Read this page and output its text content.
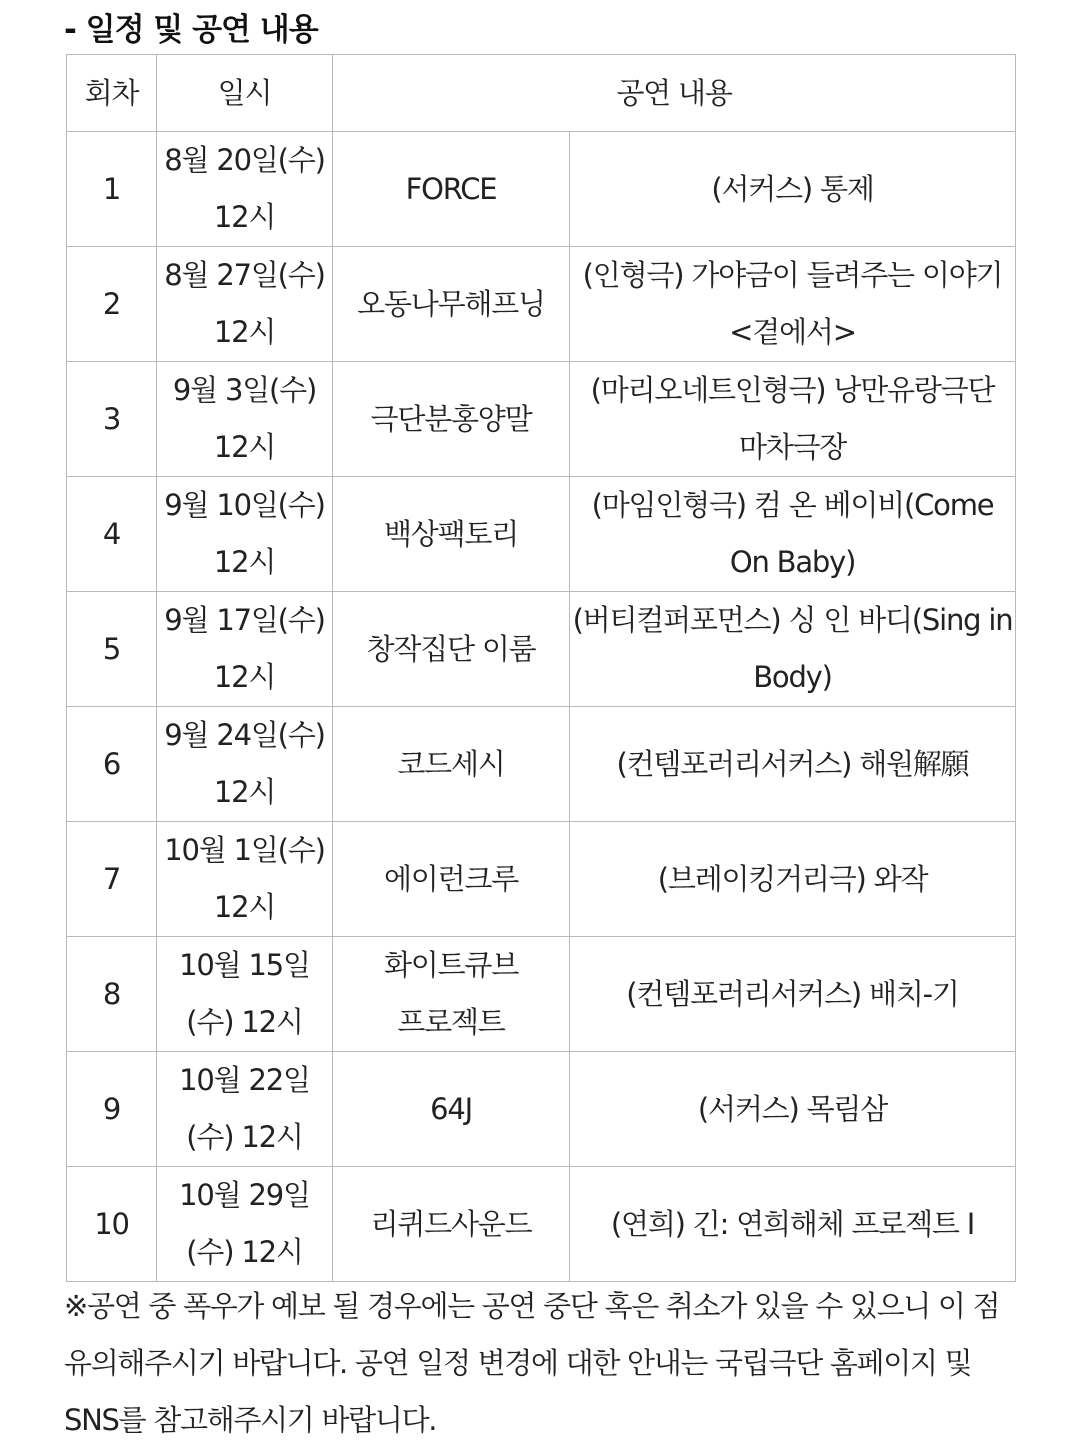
- 일정 및 공연 내용
회차	일시	공연 내용	
1	8월 20일(수) 12시	FORCE	(서커스) 통제
2	8월 27일(수) 12시	오동나무해프닝	(인형극) 가야금이 들려주는 이야기 <곁에서>
3	9월 3일(수) 12시	극단분홍양말	(마리오네트인형극) 낭만유랑극단 마차극장
4	9월 10일(수) 12시	백상팩토리	(마임인형극) 컴 온 베이비(Come On Baby)
5	9월 17일(수) 12시	창작집단 이룸	(버티컬퍼포먼스) 싱 인 바디(Sing in Body)
6	9월 24일(수) 12시	코드세시	(컨템포러리서커스) 해원解願
7	10월 1일(수) 12시	에이런크루	(브레이킹거리극) 와작
8	10월 15일(수) 12시	화이트큐브 프로젝트	(컨템포러리서커스) 배치-기
9	10월 22일(수) 12시	64J	(서커스) 목림삼
10	10월 29일(수) 12시	리퀴드사운드	(연희) 긴: 연희해체 프로젝트 Ⅰ
※공연 중 폭우가 예보 될 경우에는 공연 중단 혹은 취소가 있을 수 있으니 이 점 유의해주시기 바랍니다. 공연 일정 변경에 대한 안내는 국립극단 홈페이지 및 SNS를 참고해주시기 바랍니다.
